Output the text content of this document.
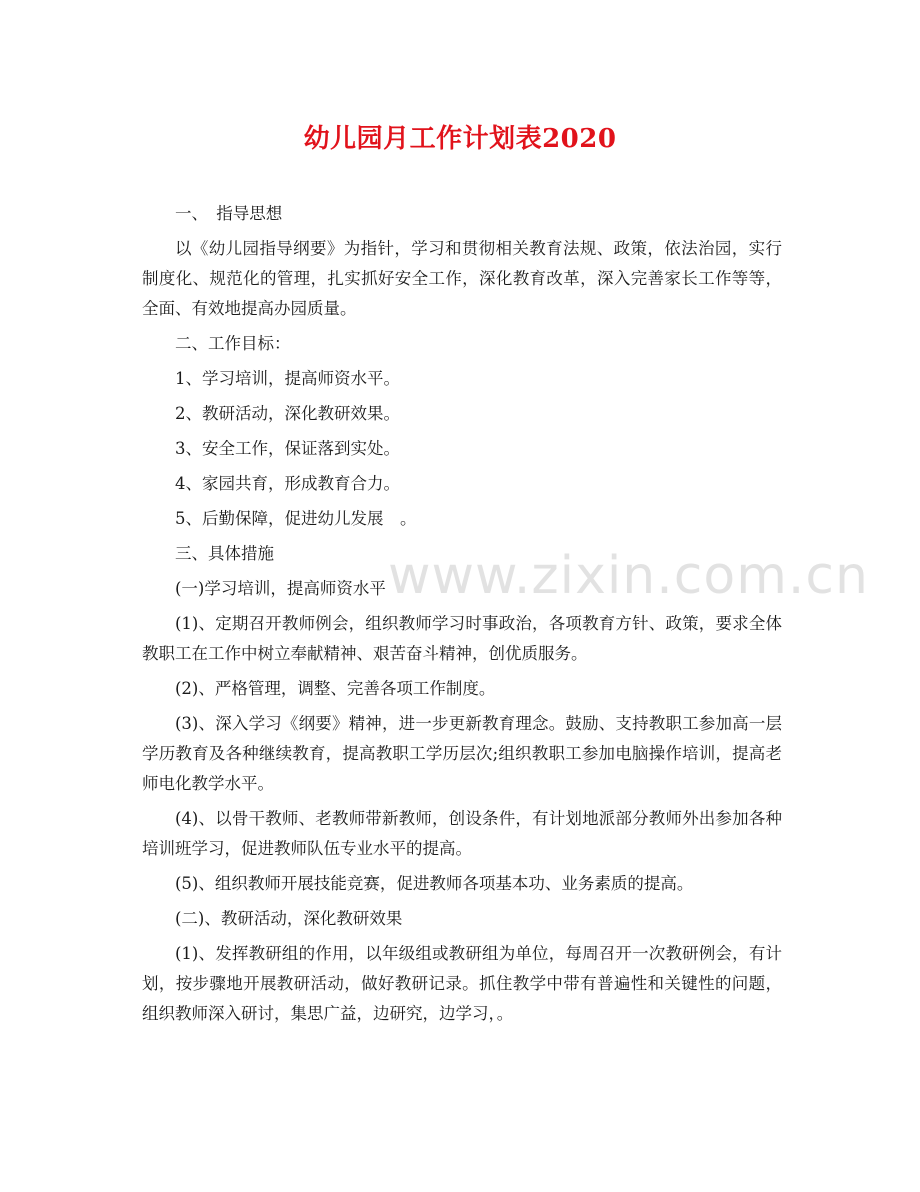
幼儿园月工作计划表2020

一、　指导思想

以《幼儿园指导纲要》为指针，学习和贯彻相关教育法规、政策，依法治园，实行制度化、规范化的管理，扎实抓好安全工作，深化教育改革，深入完善家长工作等等，全面、有效地提高办园质量。

二、工作目标：

1、学习培训，提高师资水平。

2、教研活动，深化教研效果。

3、安全工作，保证落到实处。

4、家园共育，形成教育合力。

5、后勤保障，促进幼儿发展　。

三、具体措施

(一)学习培训，提高师资水平

(1)、定期召开教师例会，组织教师学习时事政治，各项教育方针、政策，要求全体教职工在工作中树立奉献精神、艰苦奋斗精神，创优质服务。

(2)、严格管理，调整、完善各项工作制度。

(3)、深入学习《纲要》精神，进一步更新教育理念。鼓励、支持教职工参加高一层学历教育及各种继续教育，提高教职工学历层次;组织教职工参加电脑操作培训，提高老师电化教学水平。

(4)、以骨干教师、老教师带新教师，创设条件，有计划地派部分教师外出参加各种培训班学习，促进教师队伍专业水平的提高。

(5)、组织教师开展技能竞赛，促进教师各项基本功、业务素质的提高。

(二)、教研活动，深化教研效果

(1)、发挥教研组的作用，以年级组或教研组为单位，每周召开一次教研例会，有计划，按步骤地开展教研活动，做好教研记录。抓住教学中带有普遍性和关键性的问题，组织教师深入研讨，集思广益，边研究，边学习，。

www.zixin.com.cn
